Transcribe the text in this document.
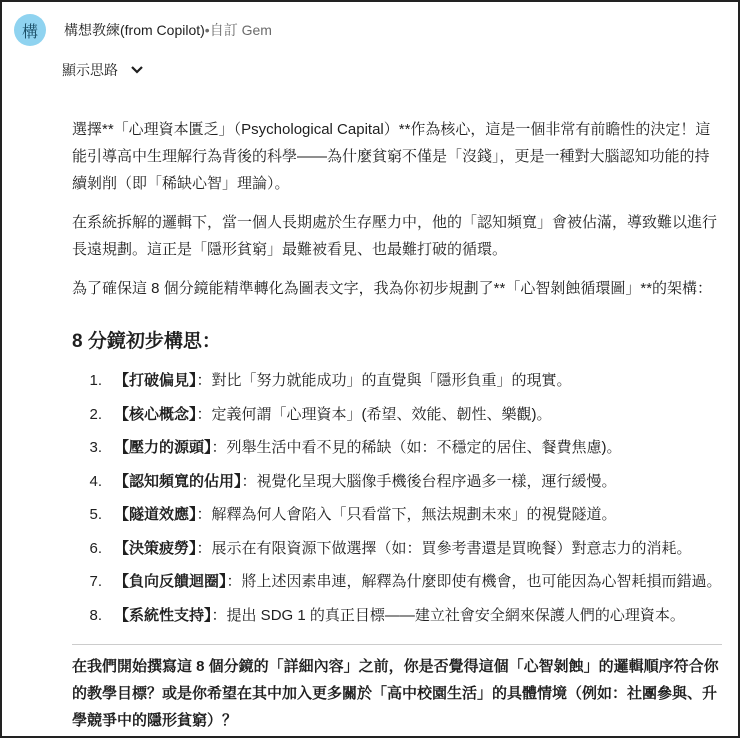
構	構想教練(from Copilot) • 自訂 Gem
顯示思路

選擇**「心理資本匱乏」（Psychological Capital）**作為核心，這是一個非常有前瞻性的決定！這能引導高中生理解行為背後的科學——為什麼貧窮不僅是「沒錢」，更是一種對大腦認知功能的持續剝削（即「稀缺心智」理論）。

在系統拆解的邏輯下，當一個人長期處於生存壓力中，他的「認知頻寬」會被佔滿，導致難以進行長遠規劃。這正是「隱形貧窮」最難被看見、也最難打破的循環。

為了確保這 8 個分鏡能精準轉化為圖表文字，我為你初步規劃了**「心智剝蝕循環圖」**的架構：

8 分鏡初步構思：
1. 【打破偏見】：對比「努力就能成功」的直覺與「隱形負重」的現實。
2. 【核心概念】：定義何謂「心理資本」(希望、效能、韌性、樂觀)。
3. 【壓力的源頭】：列舉生活中看不見的稀缺（如：不穩定的居住、餐費焦慮)。
4. 【認知頻寬的佔用】：視覺化呈現大腦像手機後台程序過多一樣，運行緩慢。
5. 【隧道效應】：解釋為何人會陷入「只看當下，無法規劃未來」的視覺隧道。
6. 【決策疲勞】：展示在有限資源下做選擇（如：買參考書還是買晚餐）對意志力的消耗。
7. 【負向反饋迴圈】：將上述因素串連，解釋為什麼即使有機會，也可能因為心智耗損而錯過。
8. 【系統性支持】：提出 SDG 1 的真正目標——建立社會安全網來保護人們的心理資本。

在我們開始撰寫這 8 個分鏡的「詳細內容」之前，你是否覺得這個「心智剝蝕」的邏輯順序符合你的教學目標？或是你希望在其中加入更多關於「高中校園生活」的具體情境（例如：社團參與、升學競爭中的隱形貧窮）？
